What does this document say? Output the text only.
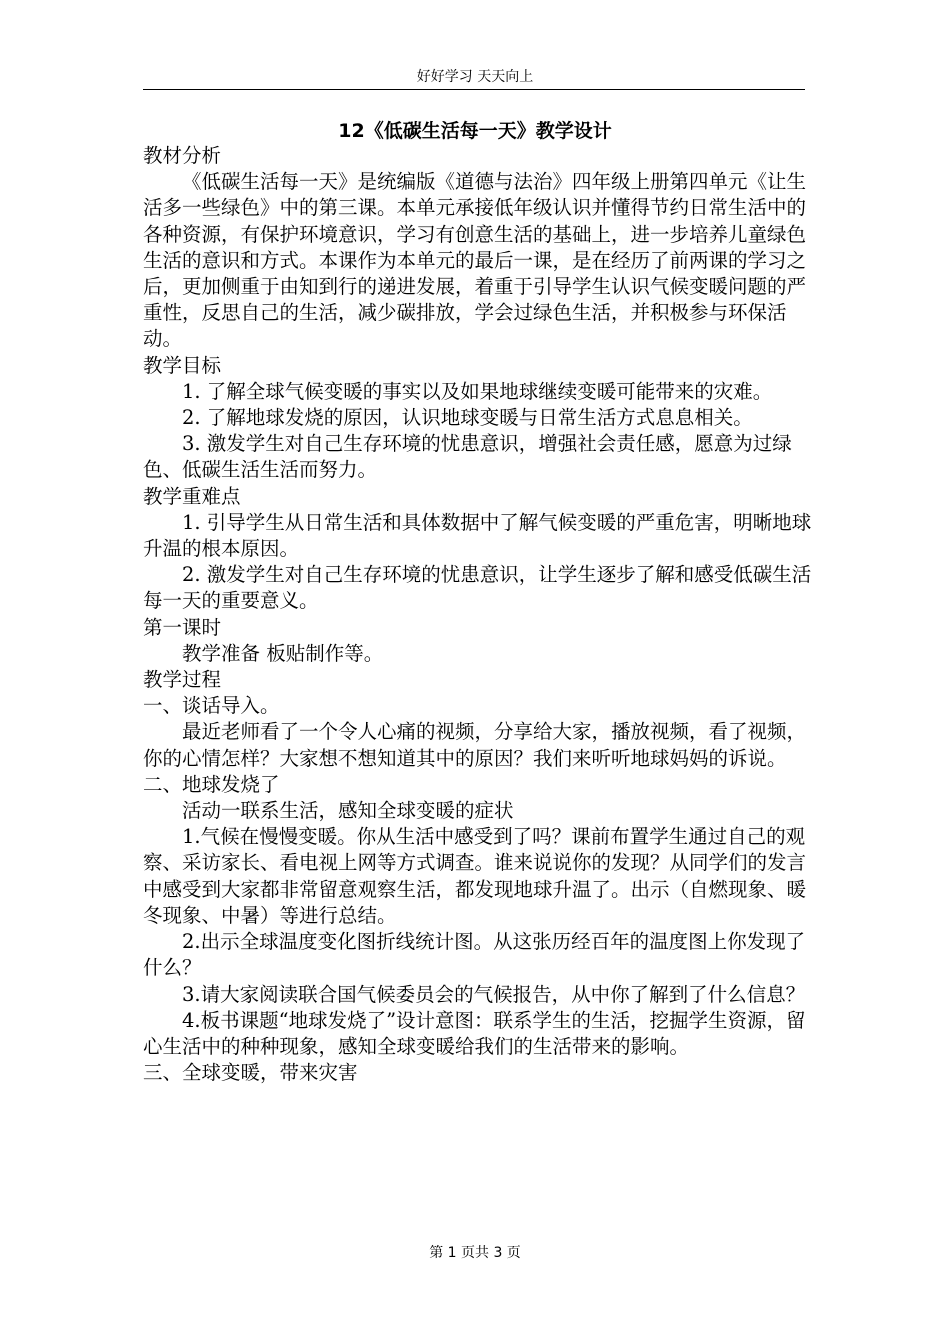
好好学习 天天向上
12《低碳生活每一天》教学设计

教材分析

《低碳生活每一天》是统编版《道德与法治》四年级上册第四单元《让生活多一些绿色》中的第三课。本单元承接低年级认识并懂得节约日常生活中的各种资源，有保护环境意识，学习有创意生活的基础上，进一步培养儿童绿色生活的意识和方式。本课作为本单元的最后一课，是在经历了前两课的学习之后，更加侧重于由知到行的递进发展，着重于引导学生认识气候变暖问题的严重性，反思自己的生活，减少碳排放，学会过绿色生活，并积极参与环保活动。

教学目标

1. 了解全球气候变暖的事实以及如果地球继续变暖可能带来的灾难。

2. 了解地球发烧的原因，认识地球变暖与日常生活方式息息相关。

3. 激发学生对自己生存环境的忧患意识，增强社会责任感，愿意为过绿色、低碳生活生活而努力。

教学重难点

1. 引导学生从日常生活和具体数据中了解气候变暖的严重危害，明晰地球升温的根本原因。

2. 激发学生对自己生存环境的忧患意识，让学生逐步了解和感受低碳生活每一天的重要意义。

第一课时

教学准备 板贴制作等。

教学过程

一、谈话导入。

最近老师看了一个令人心痛的视频，分享给大家，播放视频，看了视频，你的心情怎样？大家想不想知道其中的原因？我们来听听地球妈妈的诉说。

二、地球发烧了

活动一联系生活，感知全球变暖的症状

1.气候在慢慢变暖。你从生活中感受到了吗？课前布置学生通过自己的观察、采访家长、看电视上网等方式调查。谁来说说你的发现？从同学们的发言中感受到大家都非常留意观察生活，都发现地球升温了。出示（自燃现象、暖冬现象、中暑）等进行总结。

2.出示全球温度变化图折线统计图。从这张历经百年的温度图上你发现了什么？

3.请大家阅读联合国气候委员会的气候报告，从中你了解到了什么信息？

4.板书课题“地球发烧了”设计意图：联系学生的生活，挖掘学生资源，留心生活中的种种现象，感知全球变暖给我们的生活带来的影响。

三、全球变暖，带来灾害

第 1 页共 3 页
